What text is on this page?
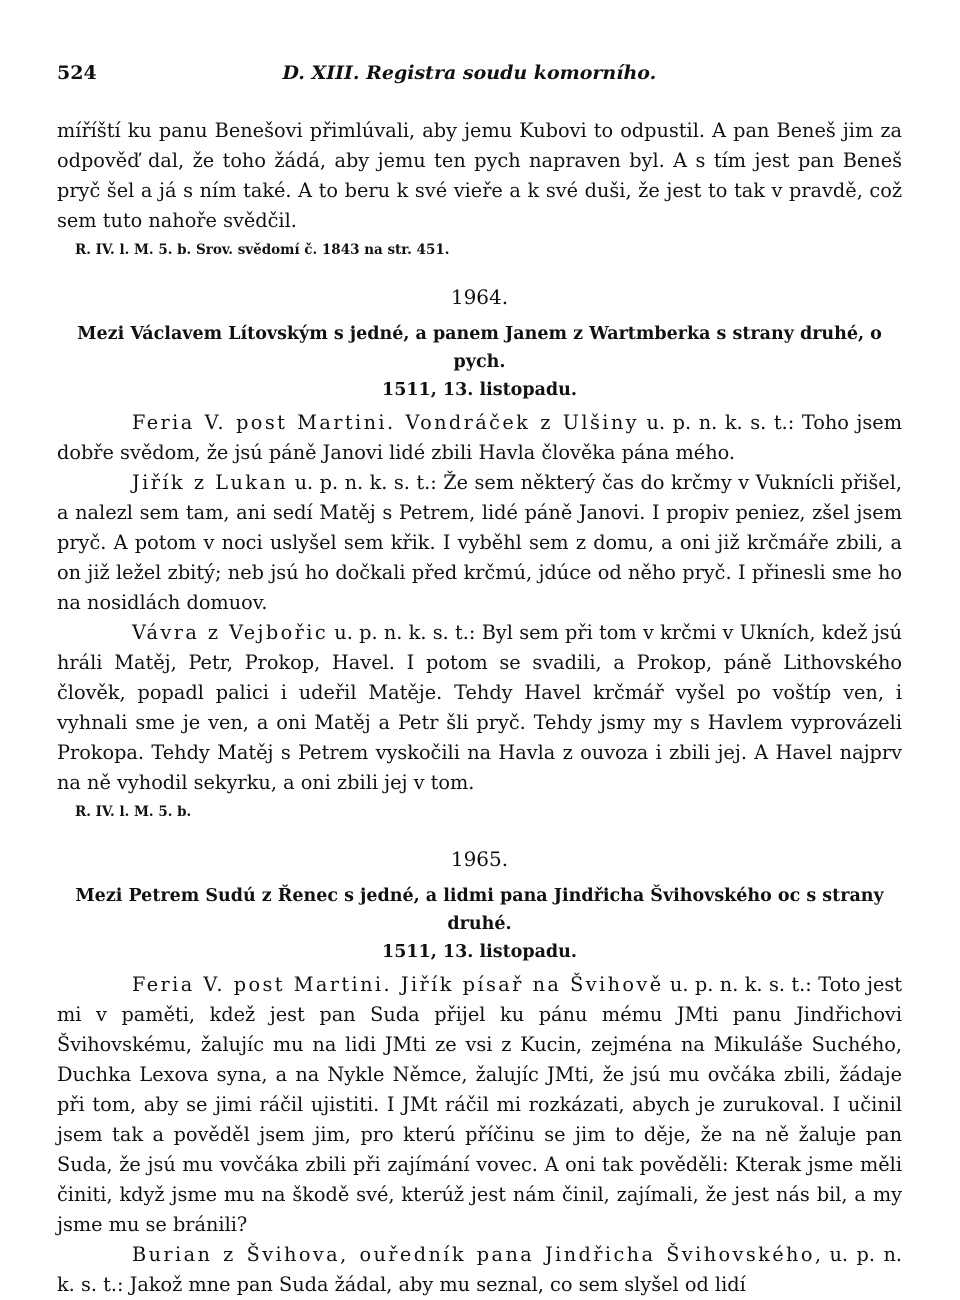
524	D. XIII. Registra soudu komorního.

míříští ku panu Benešovi přimlúvali, aby jemu Kubovi to odpustil. A pan Beneš jim za odpověď dal, že toho žádá, aby jemu ten pych napraven byl. A s tím jest pan Beneš pryč šel a já s ním také. A to beru k své vieře a k své duši, že jest to tak v pravdě, což sem tuto nahoře svědčil.

R. IV. l. M. 5. b. Srov. svědomí č. 1843 na str. 451.

1964.

Mezi Václavem Lítovským s jedné, a panem Janem z Wartmberka s strany druhé, o pych.

1511, 13. listopadu.

Feria V. post Martini. Vondráček z Ulšiny u. p. n. k. s. t.: Toho jsem dobře svědom, že jsú páně Janovi lidé zbili Havla člověka pána mého.

Jiřík z Lukan u. p. n. k. s. t.: Že sem některý čas do krčmy v Vuknícli přišel, a nalezl sem tam, ani sedí Matěj s Petrem, lidé páně Janovi. I propiv peniez, zšel jsem pryč. A potom v noci uslyšel sem křik. I vyběhl sem z domu, a oni již krčmáře zbili, a on již ležel zbitý; neb jsú ho dočkali před krčmú, jdúce od něho pryč. I přinesli sme ho na nosidlách domuov.

Vávra z Vejbořic u. p. n. k. s. t.: Byl sem při tom v krčmi v Ukních, kdež jsú hráli Matěj, Petr, Prokop, Havel. I potom se svadili, a Prokop, páně Lithovského člověk, popadl palici i udeřil Matěje. Tehdy Havel krčmář vyšel po voštíp ven, i vyhnali sme je ven, a oni Matěj a Petr šli pryč. Tehdy jsmy my s Havlem vyprovázeli Prokopa. Tehdy Matěj s Petrem vyskočili na Havla z ouvoza i zbili jej. A Havel najprv na ně vyhodil sekyrku, a oni zbili jej v tom.

R. IV. l. M. 5. b.

1965.

Mezi Petrem Sudú z Řenec s jedné, a lidmi pana Jindřicha Švihovského oc s strany druhé.

1511, 13. listopadu.

Feria V. post Martini. Jiřík písař na Švihově u. p. n. k. s. t.: Toto jest mi v paměti, kdež jest pan Suda přijel ku pánu mému JMti panu Jindřichovi Švihovskému, žalujíc mu na lidi JMti ze vsi z Kucin, zejména na Mikuláše Suchého, Duchka Lexova syna, a na Nykle Němce, žalujíc JMti, že jsú mu ovčáka zbili, žádaje při tom, aby se jimi ráčil ujistiti. I JMt ráčil mi rozkázati, abych je zurukoval. I učinil jsem tak a pověděl jsem jim, pro kterú příčinu se jim to děje, že na ně žaluje pan Suda, že jsú mu vovčáka zbili při zajímání vovec. A oni tak pověděli: Kterak jsme měli činiti, když jsme mu na škodě své, kterúž jest nám činil, zajímali, že jest nás bil, a my jsme mu se bránili?

Burian z Švihova, ouředník pana Jindřicha Švihovského, u. p. n. k. s. t.: Jakož mne pan Suda žádal, aby mu seznal, co sem slyšel od lidí
